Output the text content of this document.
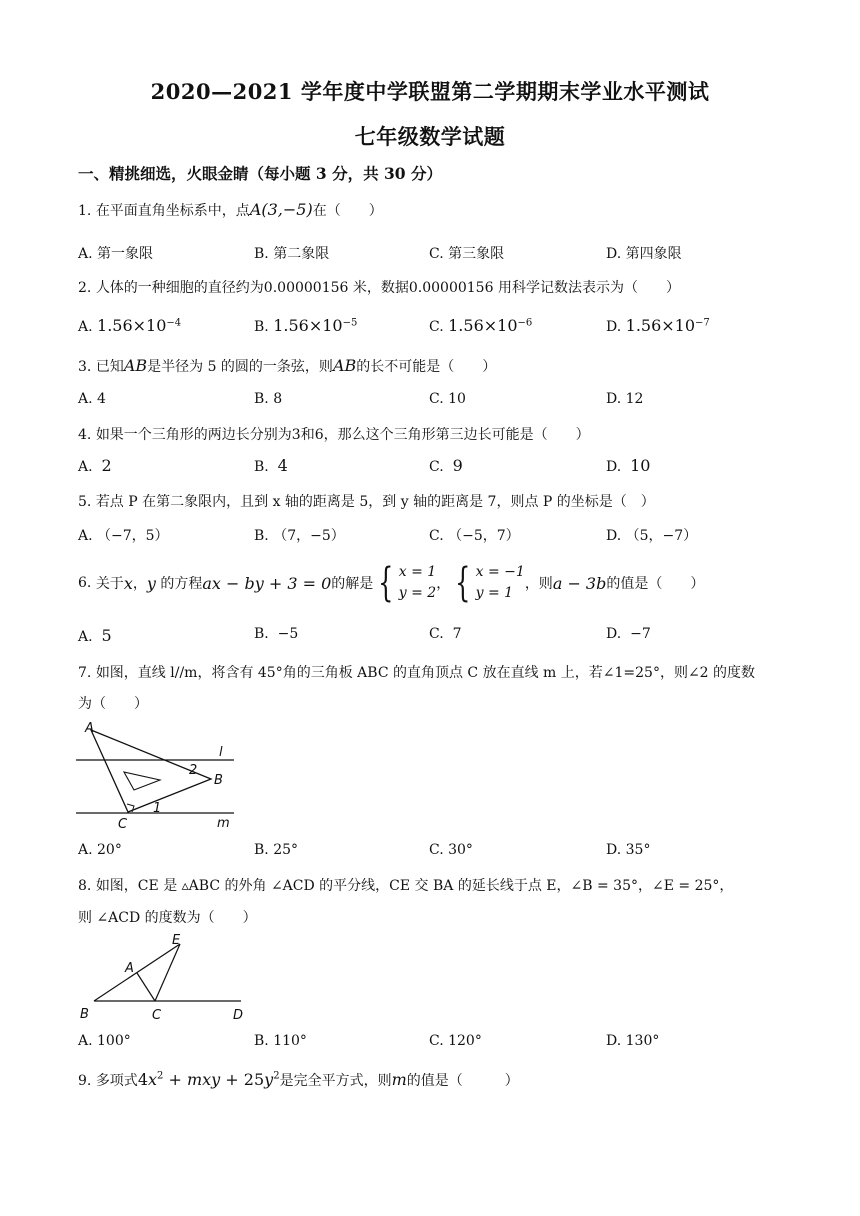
2020—2021 学年度中学联盟第二学期期末学业水平测试
七年级数学试题
一、精挑细选，火眼金睛（每小题 3 分，共 30 分）
1. 在平面直角坐标系中，点A(3,−5)在（　　）
A. 第一象限	B. 第二象限	C. 第三象限	D. 第四象限
2. 人体的一种细胞的直径约为0.00000156 米，数据0.00000156 用科学记数法表示为（　　）
A. $1.56\times 10^{-4}$	B. $1.56\times 10^{-5}$	C. $1.56\times 10^{-6}$	D. $1.56\times 10^{-7}$
3. 已知AB是半径为 5 的圆的一条弦，则AB的长不可能是（　　）
A. 4	B. 8	C. 10	D. 12
4. 如果一个三角形的两边长分别为3和6，那么这个三角形第三边长可能是（　　）
A. 2	B. 4	C. 9	D. 10
5. 若点 P 在第二象限内，且到 x 轴的距离是 5，到 y 轴的距离是 7，则点 P 的坐标是（　）
A. （−7，5）	B. （7，−5）	C. （−5，7）	D. （5，−7）
6.
关于 x ， y
的方程 ax − by + 3 = 0 的解是 { x = 1
y = 2
， { x = −1
y = 1
，则 a − 3b 的值是（　　）
A. 5	B. −5	C. 7	D. −7
7. 如图，直线 l//m，将含有 45°角的三角板 ABC 的直角顶点 C 放在直线 m 上，若∠1=25°，则∠2 的度数
为（　　）
A
B
C
l
m
1
2
A. 20°	B. 25°	C. 30°	D. 35°
8. 如图，CE 是 ▵ABC 的外角 ∠ACD 的平分线，CE 交 BA 的延长线于点 E，∠B = 35°，∠E = 25°，
则 ∠ACD 的度数为（　　）
B
A
C	D
E
A. 100°	B. 110°	C. 120°	D. 130°
9. 多项式$4x^2$ + mxy + $25y^2$是完全平方式，则m的值是（　　　）
